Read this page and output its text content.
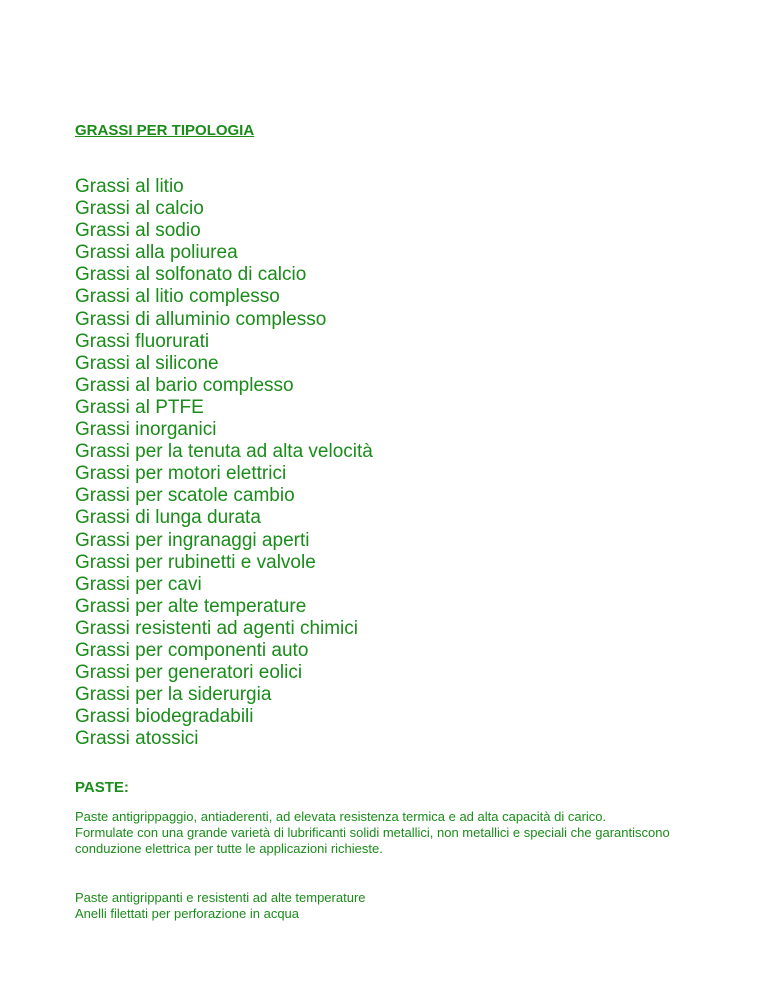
GRASSI PER TIPOLOGIA

Grassi al litio
Grassi al calcio
Grassi al sodio
Grassi alla poliurea
Grassi al solfonato di calcio
Grassi al litio complesso
Grassi di alluminio complesso
Grassi fluorurati
Grassi al silicone
Grassi al bario complesso
Grassi al PTFE
Grassi inorganici
Grassi per la tenuta ad alta velocità
Grassi per motori elettrici
Grassi per scatole cambio
Grassi di lunga durata
Grassi per ingranaggi aperti
Grassi per rubinetti e valvole
Grassi per cavi
Grassi per alte temperature
Grassi resistenti ad agenti chimici
Grassi per componenti auto
Grassi per generatori eolici
Grassi per la siderurgia
Grassi biodegradabili
Grassi atossici

PASTE:

Paste antigrippaggio, antiaderenti, ad elevata resistenza termica e ad alta capacità di carico.
Formulate con una grande varietà di lubrificanti solidi metallici, non metallici e speciali che garantiscono conduzione elettrica per tutte le applicazioni richieste.
Paste antigrippanti e resistenti ad alte temperature
Anelli filettati per perforazione in acqua
